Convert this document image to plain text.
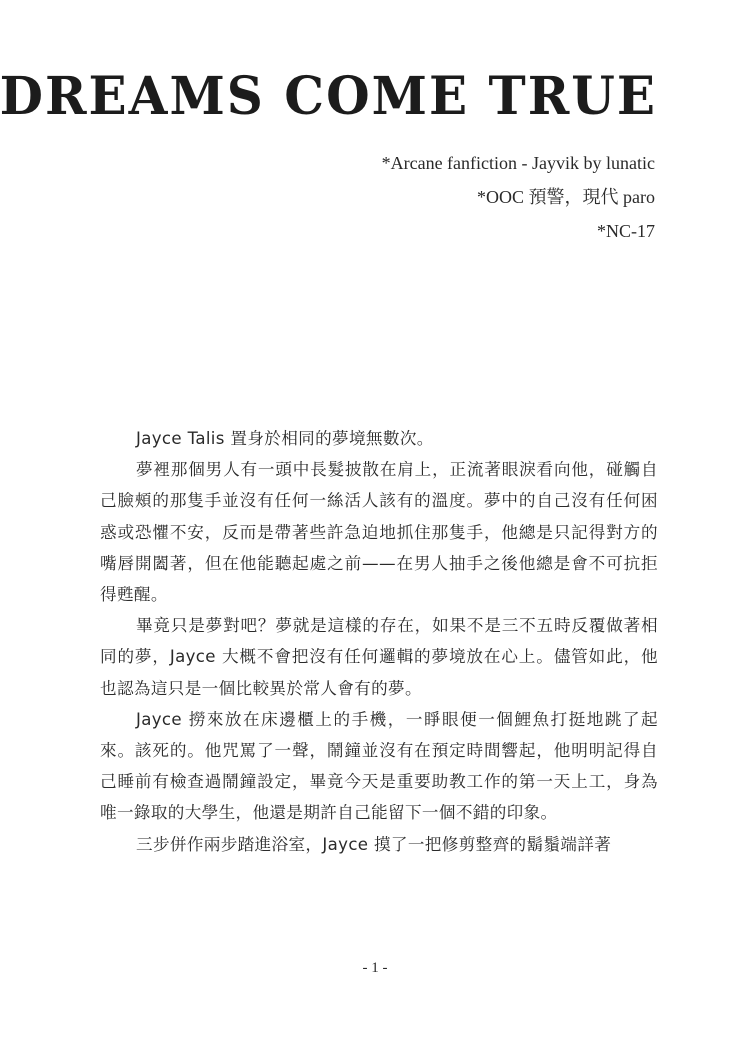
DREAMS COME TRUE
*Arcane fanfiction - Jayvik by lunatic
*OOC 預警，現代 paro
*NC-17

Jayce Talis 置身於相同的夢境無數次。

夢裡那個男人有一頭中長髮披散在肩上，正流著眼淚看向他，碰觸自己臉頰的那隻手並沒有任何一絲活人該有的溫度。夢中的自己沒有任何困惑或恐懼不安，反而是帶著些許急迫地抓住那隻手，他總是只記得對方的嘴唇開闔著，但在他能聽起處之前——在男人抽手之後他總是會不可抗拒得甦醒。

畢竟只是夢對吧？夢就是這樣的存在，如果不是三不五時反覆做著相同的夢，Jayce 大概不會把沒有任何邏輯的夢境放在心上。儘管如此，他也認為這只是一個比較異於常人會有的夢。

Jayce 撈來放在床邊櫃上的手機，一睜眼便一個鯉魚打挺地跳了起來。該死的。他咒罵了一聲，鬧鐘並沒有在預定時間響起，他明明記得自己睡前有檢查過鬧鐘設定，畢竟今天是重要助教工作的第一天上工，身為唯一錄取的大學生，他還是期許自己能留下一個不錯的印象。

三步併作兩步踏進浴室，Jayce 摸了一把修剪整齊的鬍鬚端詳著

- 1 -
